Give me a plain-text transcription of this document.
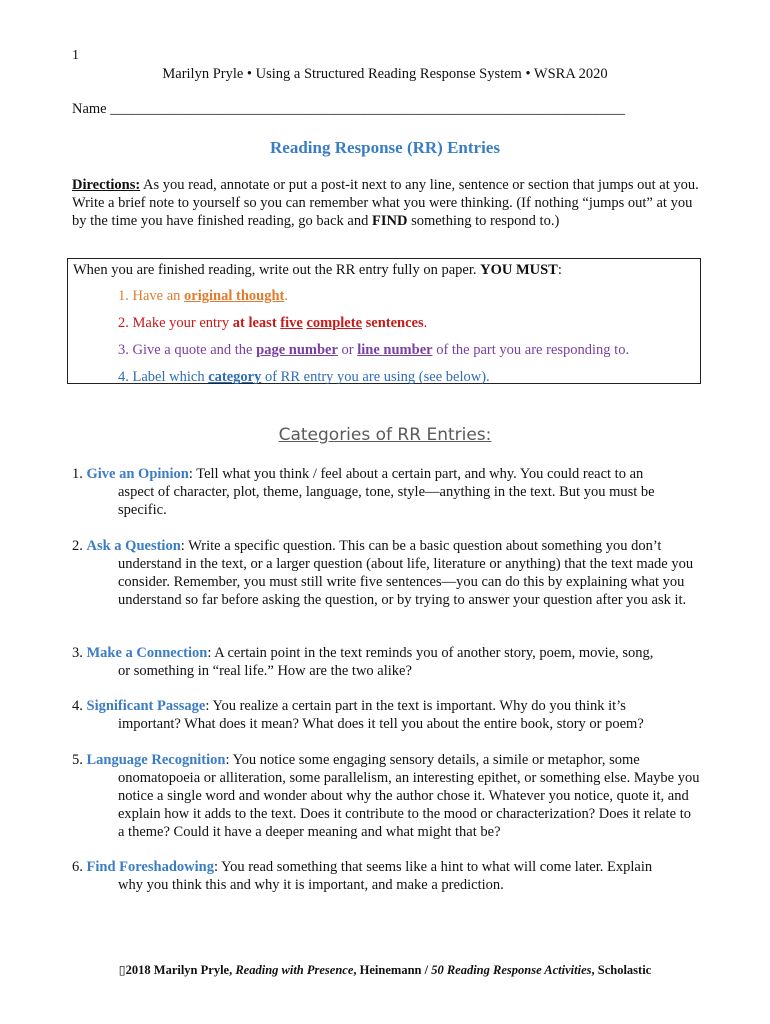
1
Marilyn Pryle • Using a Structured Reading Response System • WSRA 2020
Name _______________________________________________________________________
Reading Response (RR) Entries
Directions: As you read, annotate or put a post-it next to any line, sentence or section that jumps out at you. Write a brief note to yourself so you can remember what you were thinking. (If nothing “jumps out” at you by the time you have finished reading, go back and FIND something to respond to.)
When you are finished reading, write out the RR entry fully on paper. YOU MUST:
1. Have an original thought.
2. Make your entry at least five complete sentences.
3. Give a quote and the page number or line number of the part you are responding to.
4. Label which category of RR entry you are using (see below).
Categories of RR Entries:
1. Give an Opinion: Tell what you think / feel about a certain part, and why. You could react to an
aspect of character, plot, theme, language, tone, style—anything in the text. But you must be specific.
2. Ask a Question: Write a specific question. This can be a basic question about something you don’t
understand in the text, or a larger question (about life, literature or anything) that the text made you consider. Remember, you must still write five sentences—you can do this by explaining what you understand so far before asking the question, or by trying to answer your question after you ask it.
3. Make a Connection: A certain point in the text reminds you of another story, poem, movie, song,
or something in “real life.” How are the two alike?
4. Significant Passage: You realize a certain part in the text is important. Why do you think it’s
important? What does it mean? What does it tell you about the entire book, story or poem?
5. Language Recognition: You notice some engaging sensory details, a simile or metaphor, some
onomatopoeia or alliteration, some parallelism, an interesting epithet, or something else. Maybe you notice a single word and wonder about why the author chose it. Whatever you notice, quote it, and explain how it adds to the text. Does it contribute to the mood or characterization? Does it relate to a theme? Could it have a deeper meaning and what might that be?
6. Find Foreshadowing: You read something that seems like a hint to what will come later. Explain
why you think this and why it is important, and make a prediction.
▯2018 Marilyn Pryle, Reading with Presence, Heinemann / 50 Reading Response Activities, Scholastic
